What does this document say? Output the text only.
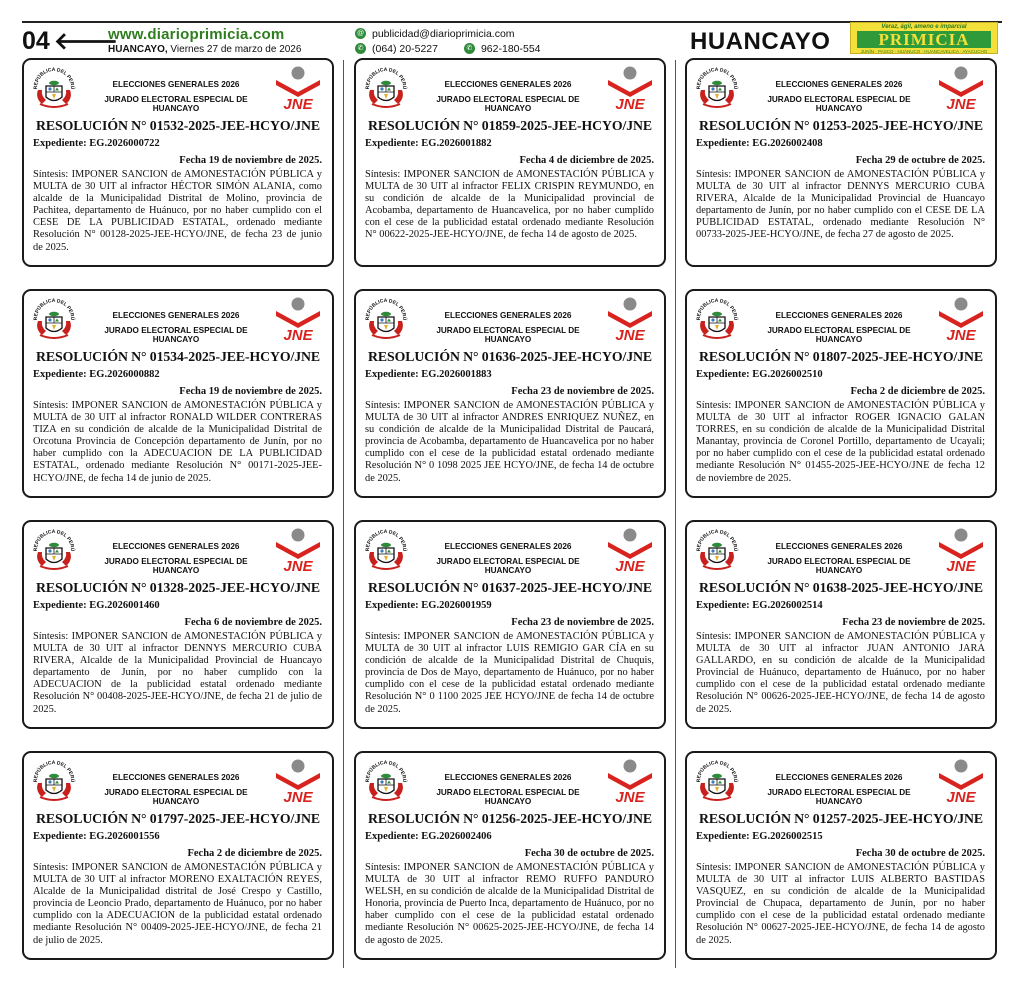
04 🡐
www.diarioprimicia.com
HUANCAYO, Viernes 27 de marzo de 2026
@ publicidad@diarioprimicia.com
✆ (064) 20-5227	✆ 962-180-554	HUANCAYO
Veraz, ágil, ameno e imparcial
PRIMICIA
JUNÍN · PASCO · HUÁNUCO · HUANCAVELICA · AYACUCHO
REPÚBLICA DEL PERÚ	ELECCIONES GENERALES 2026
JURADO ELECTORAL ESPECIAL DE HUANCAYO	JNE
RESOLUCIÓN N° 01532-2025-JEE-HCYO/JNE
Expediente: EG.2026000722
Fecha 19 de noviembre de 2025.
Síntesis: IMPONER SANCION de AMONESTACIÓN PÚBLICA y MULTA de 30 UIT al infractor HÉCTOR SIMÓN ALANIA, como alcalde de la Municipalidad Distrital de Molino, provincia de Pachitea, departamento de Huánuco, por no haber cumplido con el CESE DE LA PUBLICIDAD ESTATAL, ordenado mediante Resolución N° 00128-2025-JEE-HCYO/JNE, de fecha 23 de junio de 2025.
REPÚBLICA DEL PERÚ	ELECCIONES GENERALES 2026
JURADO ELECTORAL ESPECIAL DE HUANCAYO	JNE
RESOLUCIÓN N° 01859-2025-JEE-HCYO/JNE
Expediente: EG.2026001882
Fecha 4 de diciembre de 2025.
Síntesis: IMPONER SANCION de AMONESTACIÓN PÚBLICA y MULTA de 30 UIT al infractor FELIX CRISPIN REYMUNDO, en su condición de alcalde de la Municipalidad provincial de Acobamba, departamento de Huancavelica, por no haber cumplido con el cese de la publicidad estatal ordenado mediante Resolución N° 00622-2025-JEE-HCYO/JNE, de fecha 14 de agosto de 2025.
REPÚBLICA DEL PERÚ	ELECCIONES GENERALES 2026
JURADO ELECTORAL ESPECIAL DE HUANCAYO	JNE
RESOLUCIÓN N° 01253-2025-JEE-HCYO/JNE
Expediente: EG.2026002408
Fecha 29 de octubre de 2025.
Síntesis: IMPONER SANCION de AMONESTACIÓN PÚBLICA y MULTA de 30 UIT al infractor DENNYS MERCURIO CUBA RIVERA, Alcalde de la Municipalidad Provincial de Huancayo departamento de Junín, por no haber cumplido con el CESE DE LA PUBLICIDAD ESTATAL, ordenado mediante Resolución N° 00733-2025-JEE-HCYO/JNE, de fecha 27 de agosto de 2025.
REPÚBLICA DEL PERÚ	ELECCIONES GENERALES 2026
JURADO ELECTORAL ESPECIAL DE HUANCAYO	JNE
RESOLUCIÓN N° 01534-2025-JEE-HCYO/JNE
Expediente: EG.2026000882
Fecha 19 de noviembre de 2025.
Síntesis: IMPONER SANCION de AMONESTACIÓN PÚBLICA y MULTA de 30 UIT al infractor RONALD WILDER CONTRERAS TIZA en su condición de alcalde de la Municipalidad Distrital de Orcotuna Provincia de Concepción departamento de Junín, por no haber cumplido con la ADECUACION DE LA PUBLICIDAD ESTATAL, ordenado mediante Resolución N° 00171-2025-JEE-HCYO/JNE, de fecha 14 de junio de 2025.
REPÚBLICA DEL PERÚ	ELECCIONES GENERALES 2026
JURADO ELECTORAL ESPECIAL DE HUANCAYO	JNE
RESOLUCIÓN N° 01636-2025-JEE-HCYO/JNE
Expediente: EG.2026001883
Fecha 23 de noviembre de 2025.
Síntesis: IMPONER SANCION de AMONESTACIÓN PÚBLICA y MULTA de 30 UIT al infractor ANDRES ENRIQUEZ NUÑEZ, en su condición de alcalde de la Municipalidad Distrital de Paucará, provincia de Acobamba, departamento de Huancavelica por no haber cumplido con el cese de la publicidad estatal ordenado mediante Resolución N° 0 1098 2025 JEE HCYO/JNE, de fecha 14 de octubre de 2025.
REPÚBLICA DEL PERÚ	ELECCIONES GENERALES 2026
JURADO ELECTORAL ESPECIAL DE HUANCAYO	JNE
RESOLUCIÓN N° 01807-2025-JEE-HCYO/JNE
Expediente: EG.2026002510
Fecha 2 de diciembre de 2025.
Síntesis: IMPONER SANCION de AMONESTACIÓN PÚBLICA y MULTA de 30 UIT al infractor ROGER IGNACIO GALAN TORRES, en su condición de alcalde de la Municipalidad Distrital Manantay, provincia de Coronel Portillo, departamento de Ucayali; por no haber cumplido con el cese de la publicidad estatal ordenado mediante Resolución N° 01455-2025-JEE-HCYO/JNE de fecha 12 de noviembre de 2025.
REPÚBLICA DEL PERÚ	ELECCIONES GENERALES 2026
JURADO ELECTORAL ESPECIAL DE HUANCAYO	JNE
RESOLUCIÓN N° 01328-2025-JEE-HCYO/JNE
Expediente: EG.2026001460
Fecha 6 de noviembre de 2025.
Síntesis: IMPONER SANCION de AMONESTACIÓN PÚBLICA y MULTA de 30 UIT al infractor DENNYS MERCURIO CUBA RIVERA, Alcalde de la Municipalidad Provincial de Huancayo departamento de Junín, por no haber cumplido con la ADECUACION de la publicidad estatal ordenado mediante Resolución N° 00408-2025-JEE-HCYO/JNE, de fecha 21 de julio de 2025.
REPÚBLICA DEL PERÚ	ELECCIONES GENERALES 2026
JURADO ELECTORAL ESPECIAL DE HUANCAYO	JNE
RESOLUCIÓN N° 01637-2025-JEE-HCYO/JNE
Expediente: EG.2026001959
Fecha 23 de noviembre de 2025.
Síntesis: IMPONER SANCION de AMONESTACIÓN PÚBLICA y MULTA de 30 UIT al infractor LUIS REMIGIO GAR CÍA en su condición de alcalde de la Municipalidad Distrital de Chuquis, provincia de Dos de Mayo, departamento de Huánuco, por no haber cumplido con el cese de la publicidad estatal ordenado mediante Resolución N° 0 1100 2025 JEE HCYO/JNE de fecha 14 de octubre de 2025.
REPÚBLICA DEL PERÚ	ELECCIONES GENERALES 2026
JURADO ELECTORAL ESPECIAL DE HUANCAYO	JNE
RESOLUCIÓN N° 01638-2025-JEE-HCYO/JNE
Expediente: EG.2026002514
Fecha 23 de noviembre de 2025.
Síntesis: IMPONER SANCION de AMONESTACIÓN PÚBLICA y MULTA de 30 UIT al infractor JUAN ANTONIO JARA GALLARDO, en su condición de alcalde de la Municipalidad Provincial de Huánuco, departamento de Huánuco, por no haber cumplido con el cese de la publicidad estatal ordenado mediante Resolución N° 00626-2025-JEE-HCYO/JNE, de fecha 14 de agosto de 2025.
REPÚBLICA DEL PERÚ	ELECCIONES GENERALES 2026
JURADO ELECTORAL ESPECIAL DE HUANCAYO	JNE
RESOLUCIÓN N° 01797-2025-JEE-HCYO/JNE
Expediente: EG.2026001556
Fecha 2 de diciembre de 2025.
Síntesis: IMPONER SANCION de AMONESTACIÓN PÚBLICA y MULTA de 30 UIT al infractor MORENO EXALTACIÓN REYES, Alcalde de la Municipalidad distrital de José Crespo y Castillo, provincia de Leoncio Prado, departamento de Huánuco, por no haber cumplido con la ADECUACION de la publicidad estatal ordenado mediante Resolución N° 00409-2025-JEE-HCYO/JNE, de fecha 21 de julio de 2025.
REPÚBLICA DEL PERÚ	ELECCIONES GENERALES 2026
JURADO ELECTORAL ESPECIAL DE HUANCAYO	JNE
RESOLUCIÓN N° 01256-2025-JEE-HCYO/JNE
Expediente: EG.2026002406
Fecha 30 de octubre de 2025.
Síntesis: IMPONER SANCION de AMONESTACIÓN PÚBLICA y MULTA de 30 UIT al infractor REMO RUFFO PANDURO WELSH, en su condición de alcalde de la Municipalidad Distrital de Honoria, provincia de Puerto Inca, departamento de Huánuco, por no haber cumplido con el cese de la publicidad estatal ordenado mediante Resolución N° 00625-2025-JEE-HCYO/JNE, de fecha 14 de agosto de 2025.
REPÚBLICA DEL PERÚ	ELECCIONES GENERALES 2026
JURADO ELECTORAL ESPECIAL DE HUANCAYO	JNE
RESOLUCIÓN N° 01257-2025-JEE-HCYO/JNE
Expediente: EG.2026002515
Fecha 30 de octubre de 2025.
Síntesis: IMPONER SANCION de AMONESTACIÓN PÚBLICA y MULTA de 30 UIT al infractor LUIS ALBERTO BASTIDAS VASQUEZ, en su condición de alcalde de la Municipalidad Provincial de Chupaca, departamento de Junín, por no haber cumplido con el cese de la publicidad estatal ordenado mediante Resolución N° 00627-2025-JEE-HCYO/JNE, de fecha 14 de agosto de 2025.
